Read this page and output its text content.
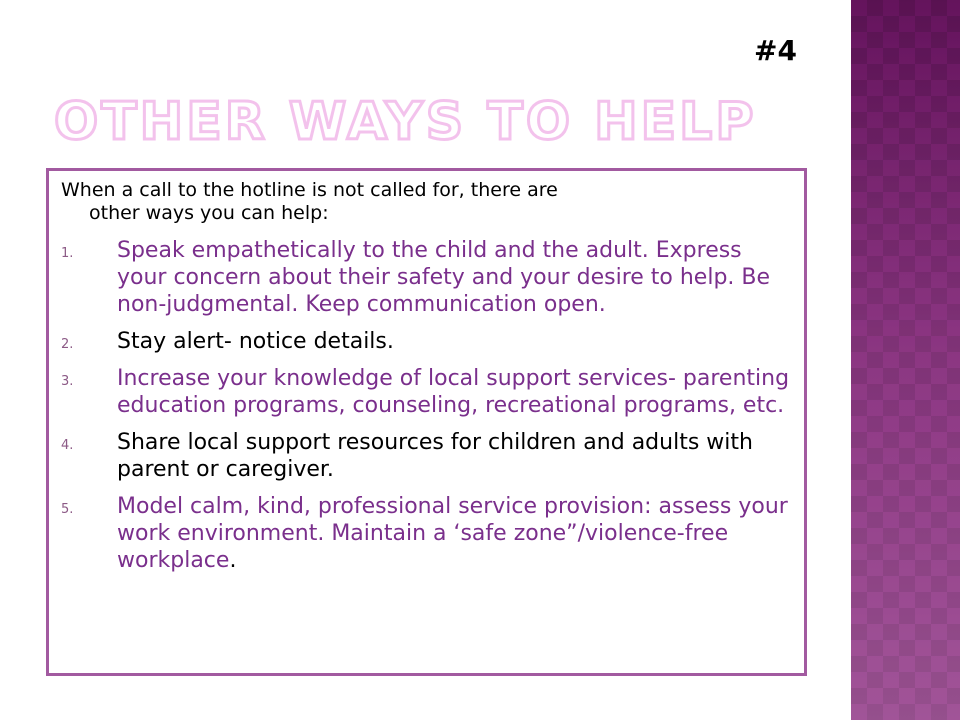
#4
OTHER WAYS TO HELP
When a call to the hotline is not called for, there are
other ways you can help:
1. Speak empathetically to the child and the adult. Express your concern about their safety and your desire to help. Be non-judgmental. Keep communication open.
2. Stay alert- notice details.
3. Increase your knowledge of local support services- parenting education programs, counseling, recreational programs, etc.
4. Share local support resources for children and adults with parent or caregiver.
5. Model calm, kind, professional service provision: assess your work environment. Maintain a ‘safe zone”/violence-free workplace.
